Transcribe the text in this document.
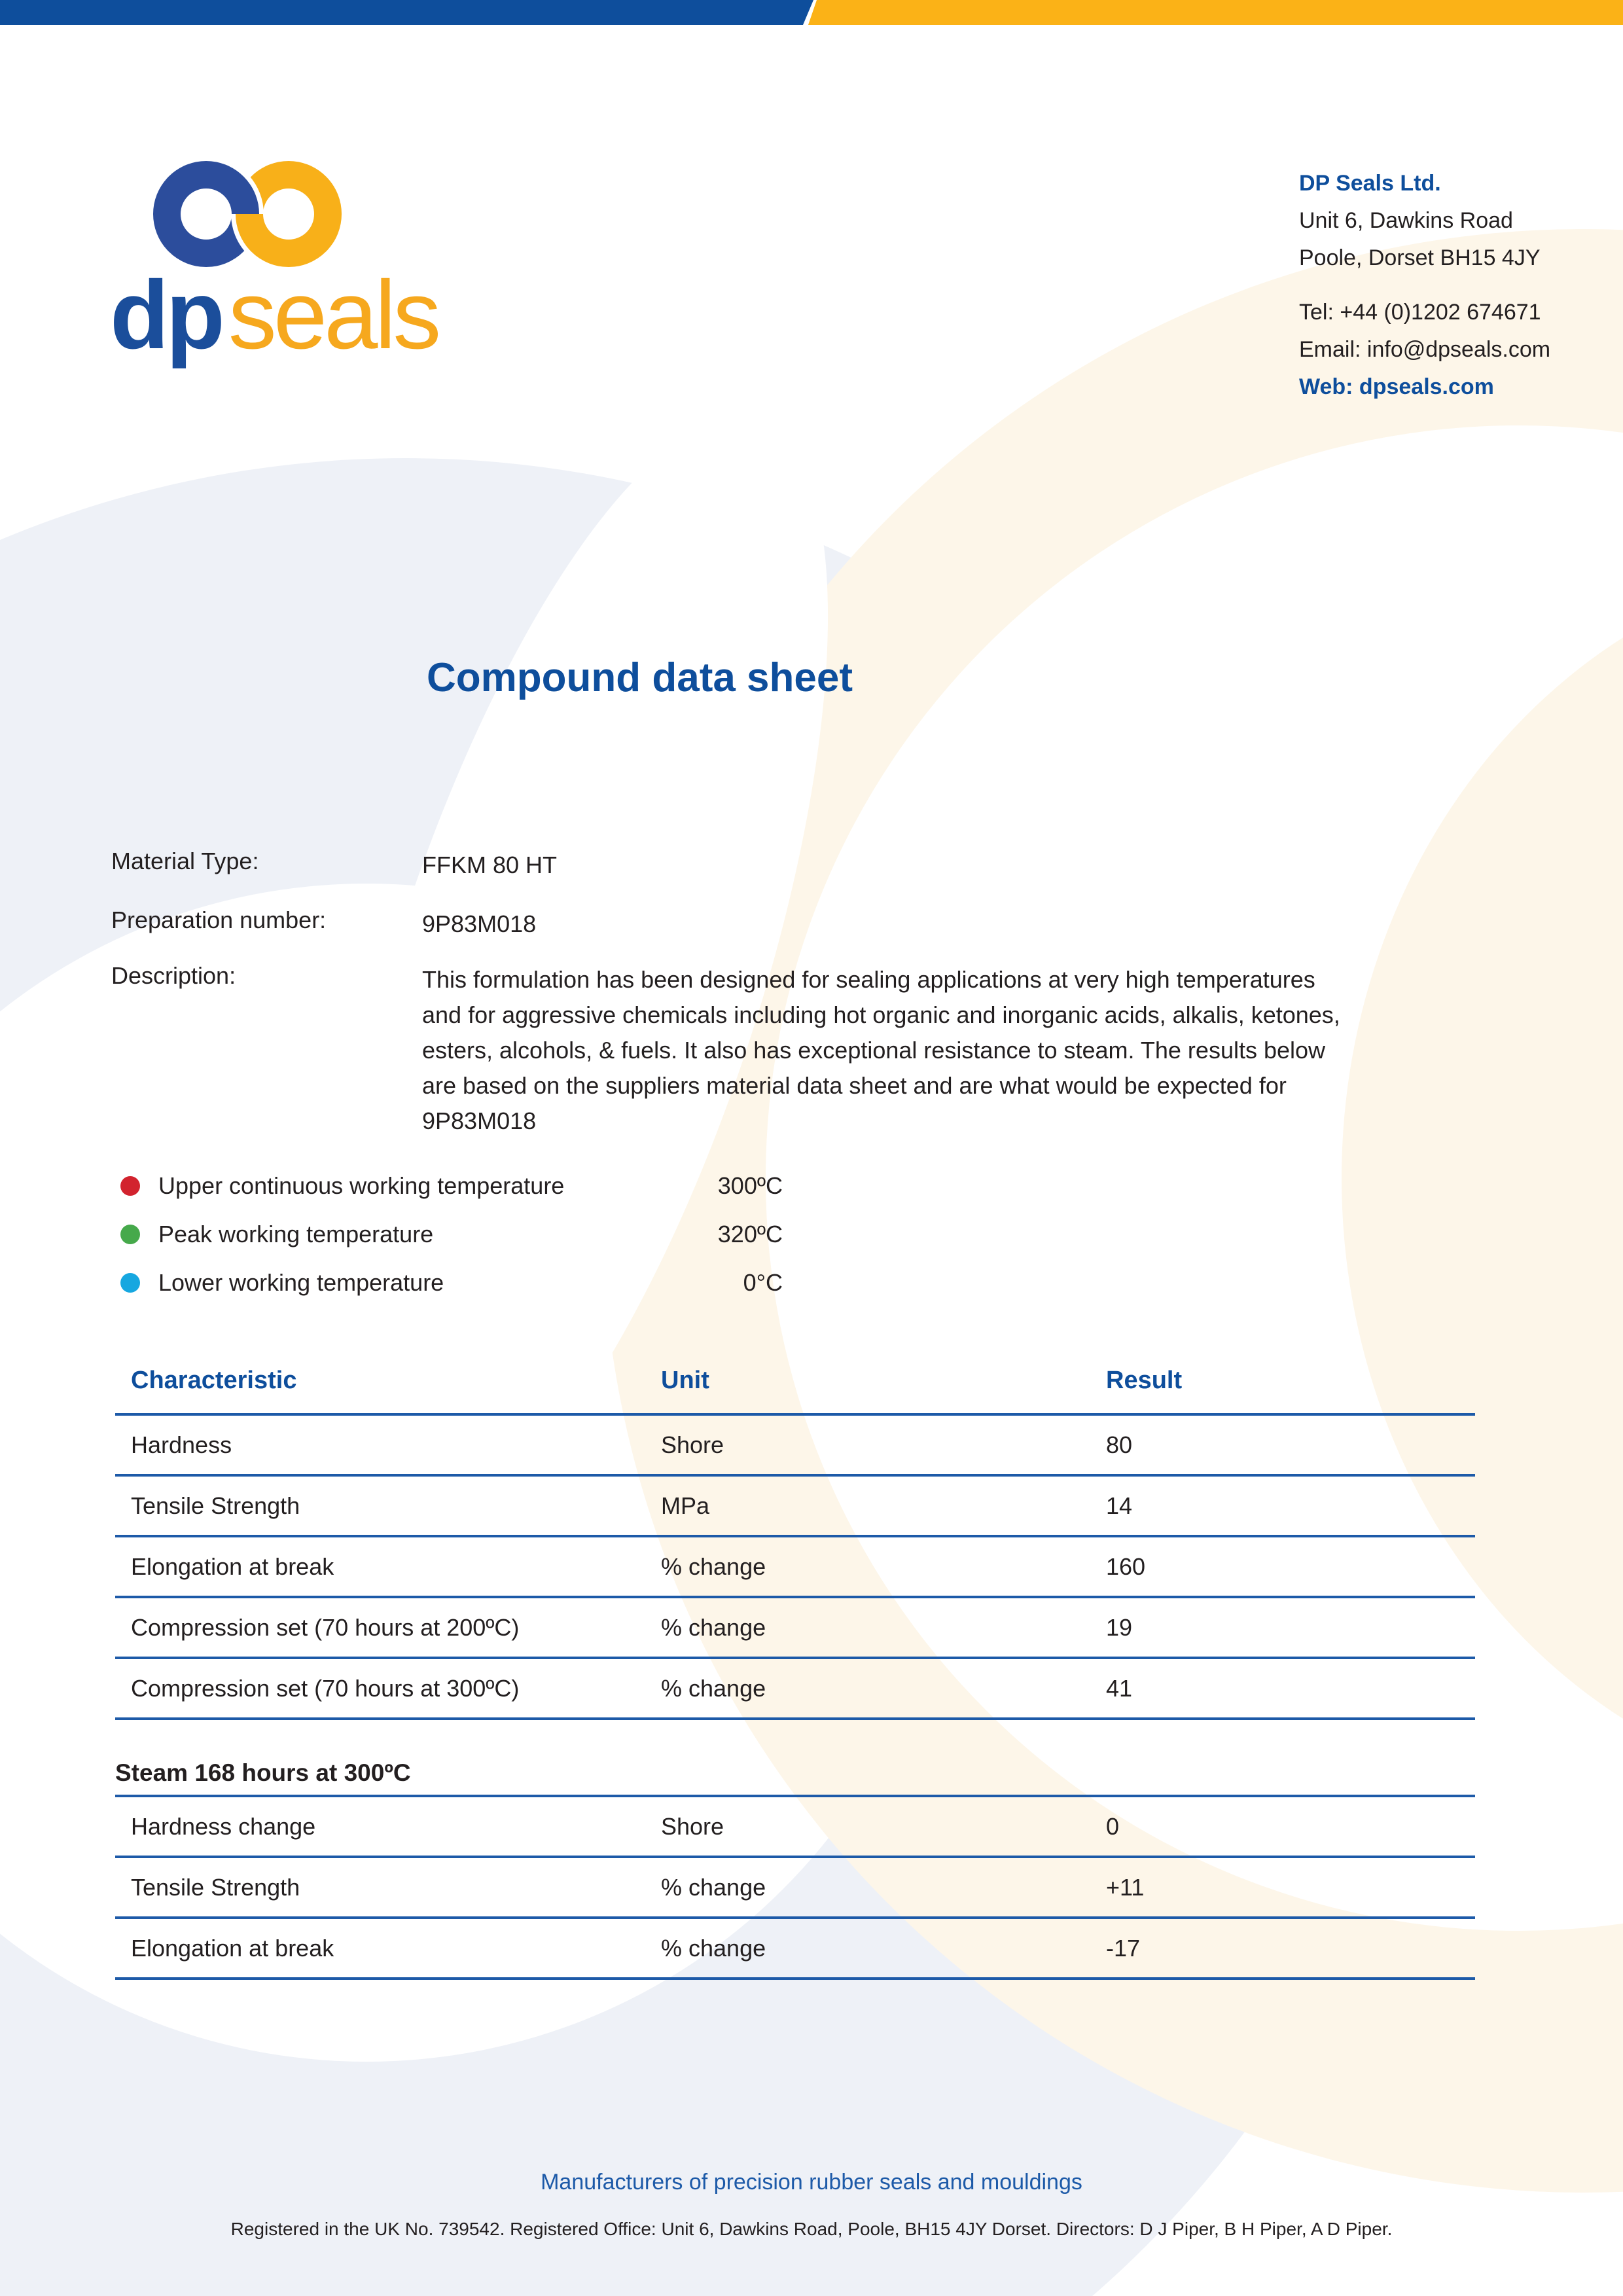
dpseals
DP Seals Ltd.
Unit 6, Dawkins Road
Poole, Dorset BH15 4JY
Tel: +44 (0)1202 674671
Email: info@dpseals.com
Web: dpseals.com
Compound data sheet
Material Type:	FFKM 80 HT
Preparation number:	9P83M018
Description:	This formulation has been designed for sealing applications at very high temperatures and for aggressive chemicals including hot organic and inorganic acids, alkalis, ketones, esters, alcohols, & fuels. It also has exceptional resistance to steam. The results below are based on the suppliers material data sheet and are what would be expected for 9P83M018
Upper continuous working temperature	300ºC
Peak working temperature	320ºC
Lower working temperature	0°C
Characteristic	Unit	Result
Hardness	Shore	80
Tensile Strength	MPa	14
Elongation at break	% change	160
Compression set (70 hours at 200ºC)	% change	19
Compression set (70 hours at 300ºC)	% change	41
Steam 168 hours at 300ºC
Hardness change	Shore	0
Tensile Strength	% change	+11
Elongation at break	% change	-17
Manufacturers of precision rubber seals and mouldings
Registered in the UK No. 739542. Registered Office: Unit 6, Dawkins Road, Poole, BH15 4JY Dorset. Directors: D J Piper, B H Piper, A D Piper.
